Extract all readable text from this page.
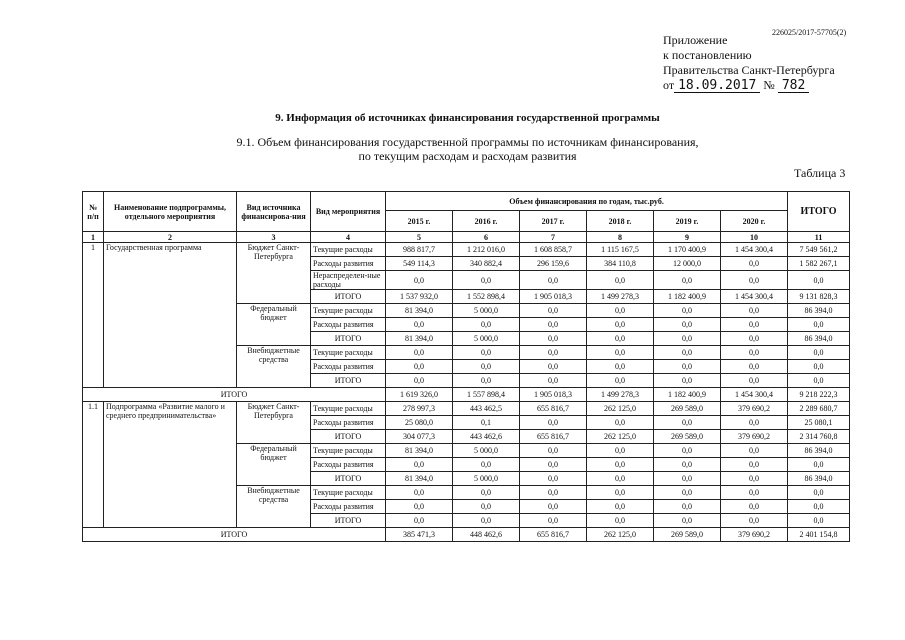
226025/2017-57705(2)
Приложение
к постановлению
Правительства Санкт-Петербурга
от 18.09.2017 № 782
9. Информация об источниках финансирования государственной программы
9.1. Объем финансирования государственной программы по источникам финансирования,
по текущим расходам и расходам развития
Таблица 3
№ п/п	Наименование подпрограммы, отдельного мероприятия	Вид источника финансирова-ния	Вид мероприятия	Объем финансирования по годам, тыс.руб.						ИТОГО
				2015 г.	2016 г.	2017 г.	2018 г.	2019 г.	2020 г.	
1	2	3	4	5	6	7	8	9	10	11
1	Государственная программа	Бюджет Санкт-Петербурга	Текущие расходы	988 817,7	1 212 016,0	1 608 858,7	1 115 167,5	1 170 400,9	1 454 300,4	7 549 561,2
			Расходы развития	549 114,3	340 882,4	296 159,6	384 110,8	12 000,0	0,0	1 582 267,1
			Нераспределен-ные расходы	0,0	0,0	0,0	0,0	0,0	0,0	0,0
			ИТОГО	1 537 932,0	1 552 898,4	1 905 018,3	1 499 278,3	1 182 400,9	1 454 300,4	9 131 828,3
		Федеральный бюджет	Текущие расходы	81 394,0	5 000,0	0,0	0,0	0,0	0,0	86 394,0
			Расходы развития	0,0	0,0	0,0	0,0	0,0	0,0	0,0
			ИТОГО	81 394,0	5 000,0	0,0	0,0	0,0	0,0	86 394,0
		Внебюджетные средства	Текущие расходы	0,0	0,0	0,0	0,0	0,0	0,0	0,0
			Расходы развития	0,0	0,0	0,0	0,0	0,0	0,0	0,0
			ИТОГО	0,0	0,0	0,0	0,0	0,0	0,0	0,0
ИТОГО				1 619 326,0	1 557 898,4	1 905 018,3	1 499 278,3	1 182 400,9	1 454 300,4	9 218 222,3
1.1	Подпрограмма «Развитие малого и среднего предпринимательства»	Бюджет Санкт-Петербурга	Текущие расходы	278 997,3	443 462,5	655 816,7	262 125,0	269 589,0	379 690,2	2 289 680,7
			Расходы развития	25 080,0	0,1	0,0	0,0	0,0	0,0	25 080,1
			ИТОГО	304 077,3	443 462,6	655 816,7	262 125,0	269 589,0	379 690,2	2 314 760,8
		Федеральный бюджет	Текущие расходы	81 394,0	5 000,0	0,0	0,0	0,0	0,0	86 394,0
			Расходы развития	0,0	0,0	0,0	0,0	0,0	0,0	0,0
			ИТОГО	81 394,0	5 000,0	0,0	0,0	0,0	0,0	86 394,0
		Внебюджетные средства	Текущие расходы	0,0	0,0	0,0	0,0	0,0	0,0	0,0
			Расходы развития	0,0	0,0	0,0	0,0	0,0	0,0	0,0
			ИТОГО	0,0	0,0	0,0	0,0	0,0	0,0	0,0
ИТОГО				385 471,3	448 462,6	655 816,7	262 125,0	269 589,0	379 690,2	2 401 154,8
